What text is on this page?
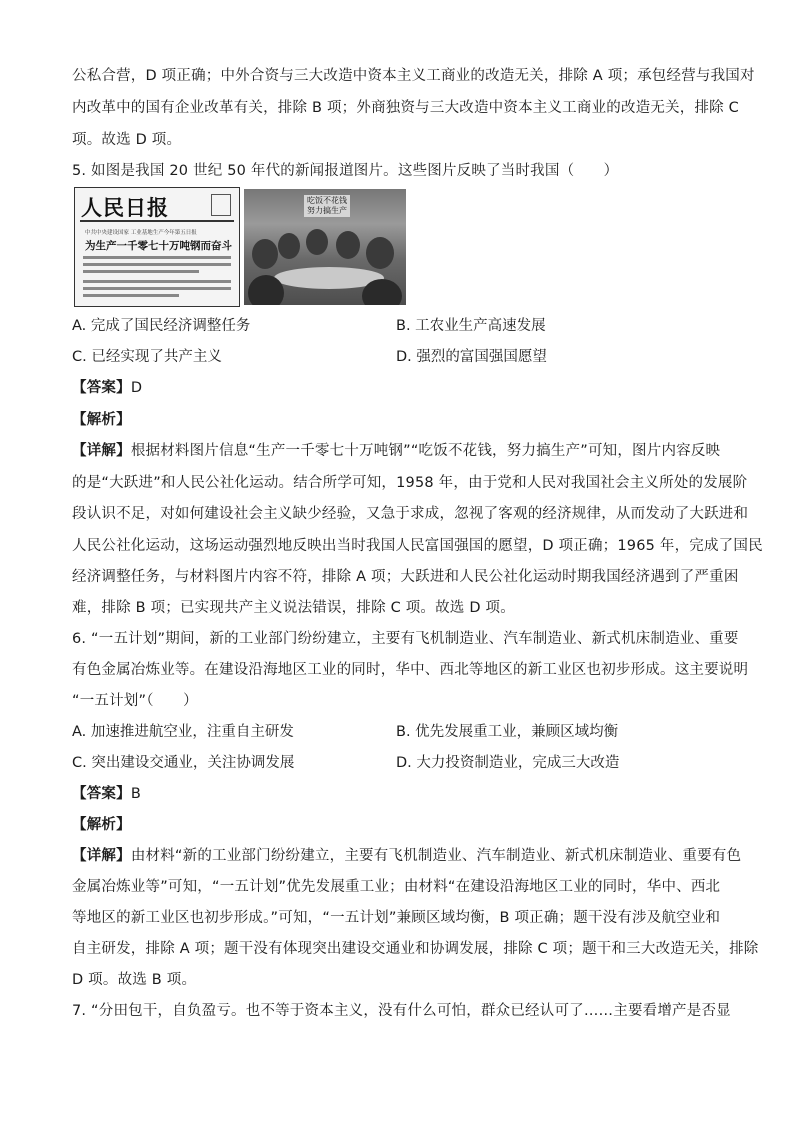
公私合营，D 项正确；中外合资与三大改造中资本主义工商业的改造无关，排除 A 项；承包经营与我国对
内改革中的国有企业改革有关，排除 B 项；外商独资与三大改造中资本主义工商业的改造无关，排除 C
项。故选 D 项。
5. 如图是我国 20 世纪 50 年代的新闻报道图片。这些图片反映了当时我国（　　）
人民日报
中共中央建设国家 工业基地生产今年第五日报
为生产一千零七十万吨钢而奋斗
吃饭不花钱
努力搞生产
A. 完成了国民经济调整任务	B. 工农业生产高速发展
C. 已经实现了共产主义	D. 强烈的富国强国愿望
【答案】D
【解析】
【详解】根据材料图片信息“生产一千零七十万吨钢”“吃饭不花钱，努力搞生产”可知，图片内容反映
的是“大跃进”和人民公社化运动。结合所学可知，1958 年，由于党和人民对我国社会主义所处的发展阶
段认识不足，对如何建设社会主义缺少经验，又急于求成，忽视了客观的经济规律，从而发动了大跃进和
人民公社化运动，这场运动强烈地反映出当时我国人民富国强国的愿望，D 项正确；1965 年，完成了国民
经济调整任务，与材料图片内容不符，排除 A 项；大跃进和人民公社化运动时期我国经济遇到了严重困
难，排除 B 项；已实现共产主义说法错误，排除 C 项。故选 D 项。
6. “一五计划”期间，新的工业部门纷纷建立，主要有飞机制造业、汽车制造业、新式机床制造业、重要
有色金属冶炼业等。在建设沿海地区工业的同时，华中、西北等地区的新工业区也初步形成。这主要说明
“一五计划”（　　）
A. 加速推进航空业，注重自主研发	B. 优先发展重工业，兼顾区域均衡
C. 突出建设交通业，关注协调发展	D. 大力投资制造业，完成三大改造
【答案】B
【解析】
【详解】由材料“新的工业部门纷纷建立，主要有飞机制造业、汽车制造业、新式机床制造业、重要有色
金属冶炼业等”可知，“一五计划”优先发展重工业；由材料“在建设沿海地区工业的同时，华中、西北
等地区的新工业区也初步形成。”可知，“一五计划”兼顾区域均衡，B 项正确；题干没有涉及航空业和
自主研发，排除 A 项；题干没有体现突出建设交通业和协调发展，排除 C 项；题干和三大改造无关，排除
D 项。故选 B 项。
7. “分田包干，自负盈亏。也不等于资本主义，没有什么可怕，群众已经认可了……主要看增产是否显
